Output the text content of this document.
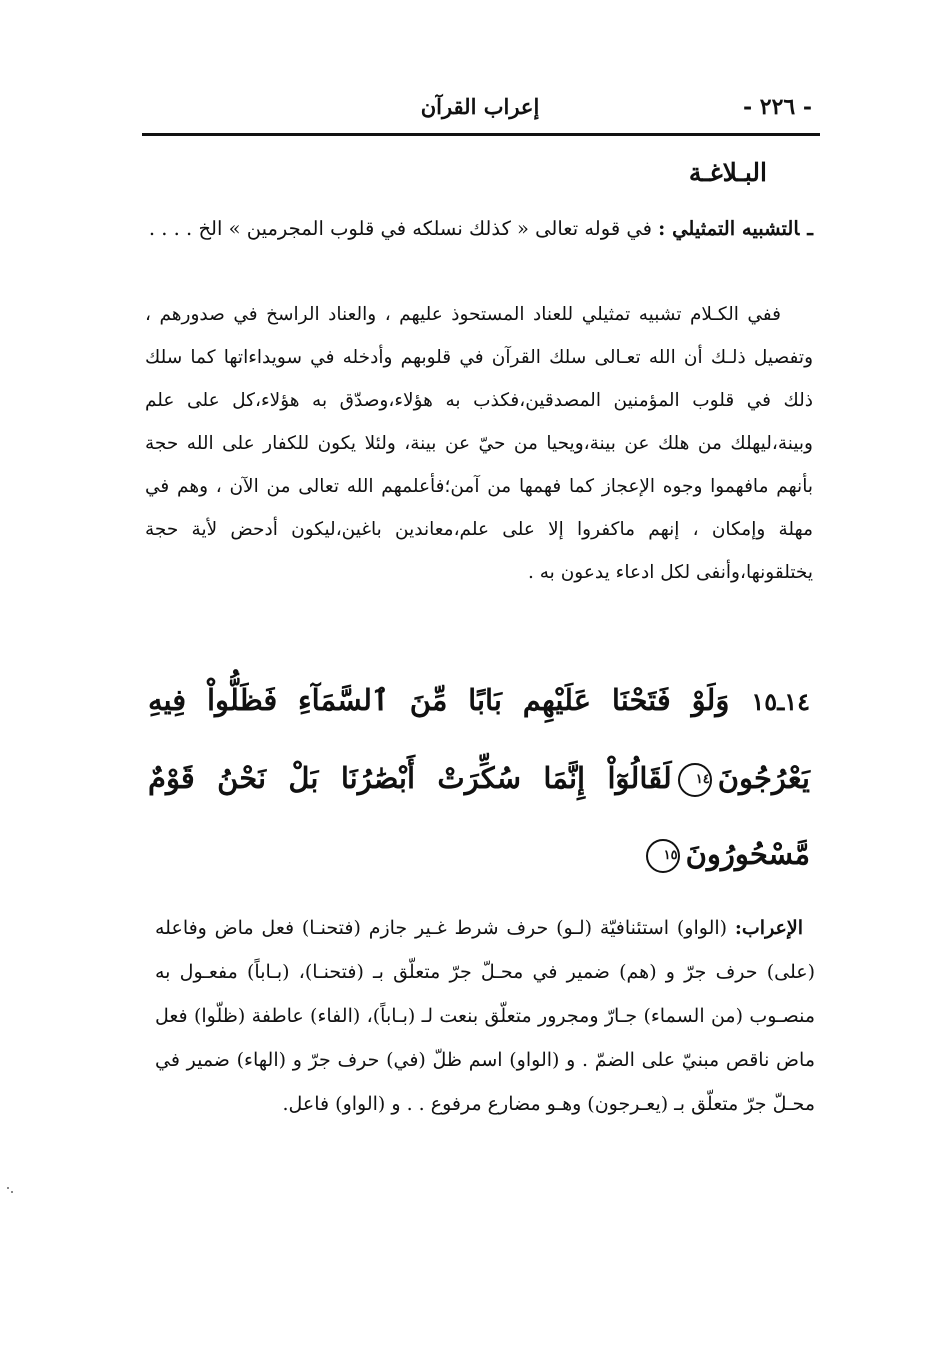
- ٢٢٦ -
إعراب القرآن
البـلاغـة
ـالتشبيه التمثيلي : في قوله تعالى « كذلك نسلكه في قلوب المجرمين » الخ . . . .
ففي الكـلام تشبيه تمثيلي للعناد المستحوذ عليهم ، والعناد الراسخ في صدورهم ، وتفصيل ذلـك أن الله تعـالى سلك القرآن في قلوبهم وأدخله في سويداءاتها كما سلك ذلك في قلوب المؤمنين المصدقين،فكذب به هؤلاء،وصدّق به هؤلاء،كل على علم وبينة،ليهلك من هلك عن بينة،ويحيا من حيّ عن بينة، ولئلا يكون للكفار على الله حجة بأنهم مافهموا وجوه الإعجاز كما فهمها من آمن؛فأعلمهم الله تعالى من الآن ، وهم في مهلة وإمكان ، إنهم ماكفروا إلا على علم،معاندين باغين،ليكون أدحض لأية حجة يختلقونها،وأنفى لكل ادعاء يدعون به .
١٤ـ١٥وَلَوْ فَتَحْنَا عَلَيْهِم بَابًا مِّنَ ٱلسَّمَآءِ فَظَلُّواْ فِيهِ يَعْرُجُونَ١٤لَقَالُوٓاْ إِنَّمَا سُكِّرَتْ أَبْصَٰرُنَا بَلْ نَحْنُ قَوْمٌ مَّسْحُورُونَ١٥
الإعراب: (الواو) استئنافيّة (لـو) حرف شرط غـير جازم (فتحنـا) فعل ماض وفاعله (على) حرف جرّ و (هم) ضمير في محـلّ جرّ متعلّق بـ (فتحنـا)، (بـاباً) مفعـول به منصـوب (من السماء) جـارّ ومجرور متعلّق بنعت لـ (بـاباً)، (الفاء) عاطفة (ظلّوا) فعل ماض ناقص مبنيّ على الضمّ . و (الواو) اسم ظلّ (في) حرف جرّ و (الهاء) ضمير في محـلّ جرّ متعلّق بـ (يعـرجون) وهـو مضارع مرفوع . . و (الواو) فاعل.
